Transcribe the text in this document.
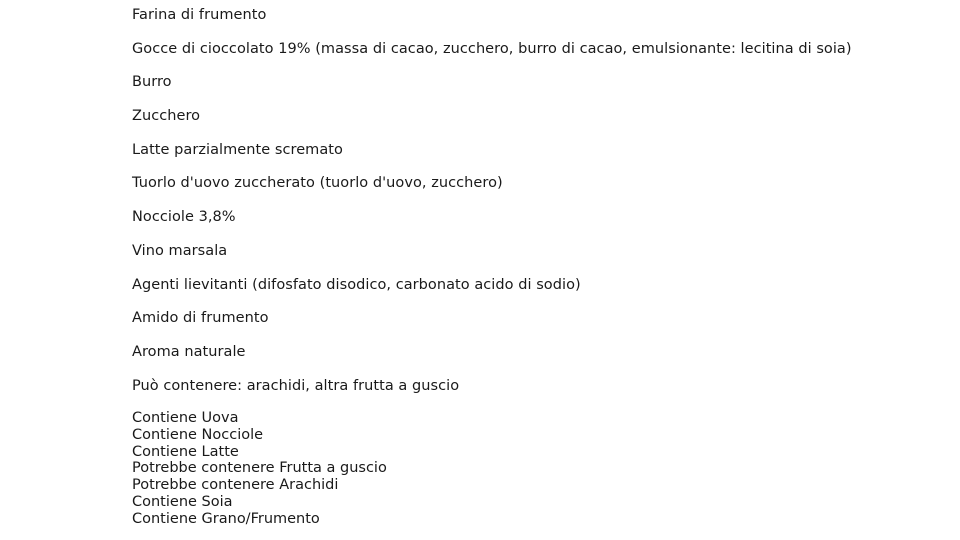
Farina di frumento
Gocce di cioccolato 19% (massa di cacao, zucchero, burro di cacao, emulsionante: lecitina di soia)
Burro
Zucchero
Latte parzialmente scremato
Tuorlo d'uovo zuccherato (tuorlo d'uovo, zucchero)
Nocciole 3,8%
Vino marsala
Agenti lievitanti (difosfato disodico, carbonato acido di sodio)
Amido di frumento
Aroma naturale
Può contenere: arachidi, altra frutta a guscio
Contiene Uova
Contiene Nocciole
Contiene Latte
Potrebbe contenere Frutta a guscio
Potrebbe contenere Arachidi
Contiene Soia
Contiene Grano/Frumento
